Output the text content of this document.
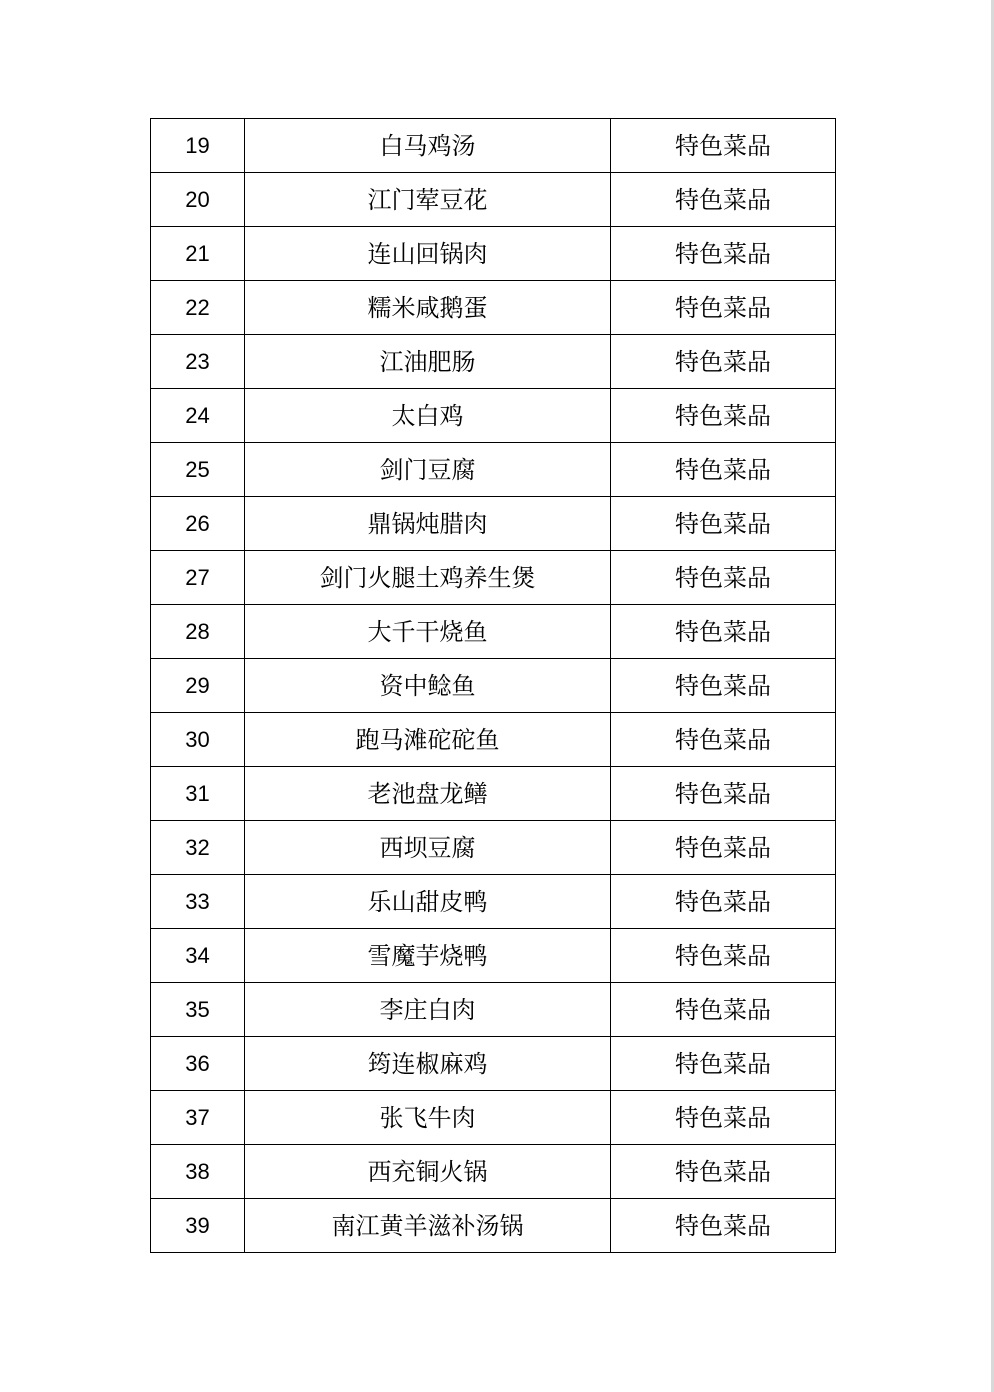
19	白马鸡汤	特色菜品
20	江门荤豆花	特色菜品
21	连山回锅肉	特色菜品
22	糯米咸鹅蛋	特色菜品
23	江油肥肠	特色菜品
24	太白鸡	特色菜品
25	剑门豆腐	特色菜品
26	鼎锅炖腊肉	特色菜品
27	剑门火腿土鸡养生煲	特色菜品
28	大千干烧鱼	特色菜品
29	资中鲶鱼	特色菜品
30	跑马滩砣砣鱼	特色菜品
31	老池盘龙鳝	特色菜品
32	西坝豆腐	特色菜品
33	乐山甜皮鸭	特色菜品
34	雪魔芋烧鸭	特色菜品
35	李庄白肉	特色菜品
36	筠连椒麻鸡	特色菜品
37	张飞牛肉	特色菜品
38	西充铜火锅	特色菜品
39	南江黄羊滋补汤锅	特色菜品
